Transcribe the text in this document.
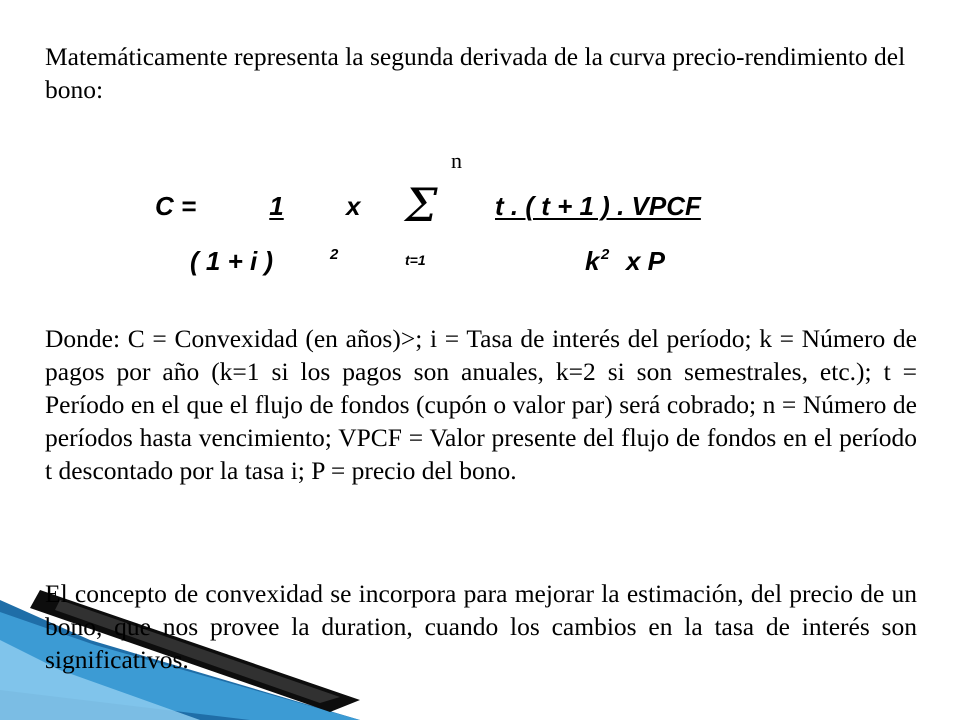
Matemáticamente representa la segunda derivada de la curva precio-rendimiento del bono:

n
C =	1	x Σ t . ( t + 1 ) . VPCF
( 1 + i )	2	t=1	k 2 x P

Donde: C = Convexidad (en años)>; i = Tasa de interés del período; k = Número de pagos por año (k=1 si los pagos son anuales, k=2 si son semestrales, etc.); t = Período en el que el flujo de fondos (cupón o valor par) será cobrado; n = Número de períodos hasta vencimiento; VPCF = Valor presente del flujo de fondos en el período t descontado por la tasa i; P = precio del bono.

El concepto de convexidad se incorpora para mejorar la estimación, del precio de un bono, que nos provee la duration, cuando los cambios en la tasa de interés son significativos.
